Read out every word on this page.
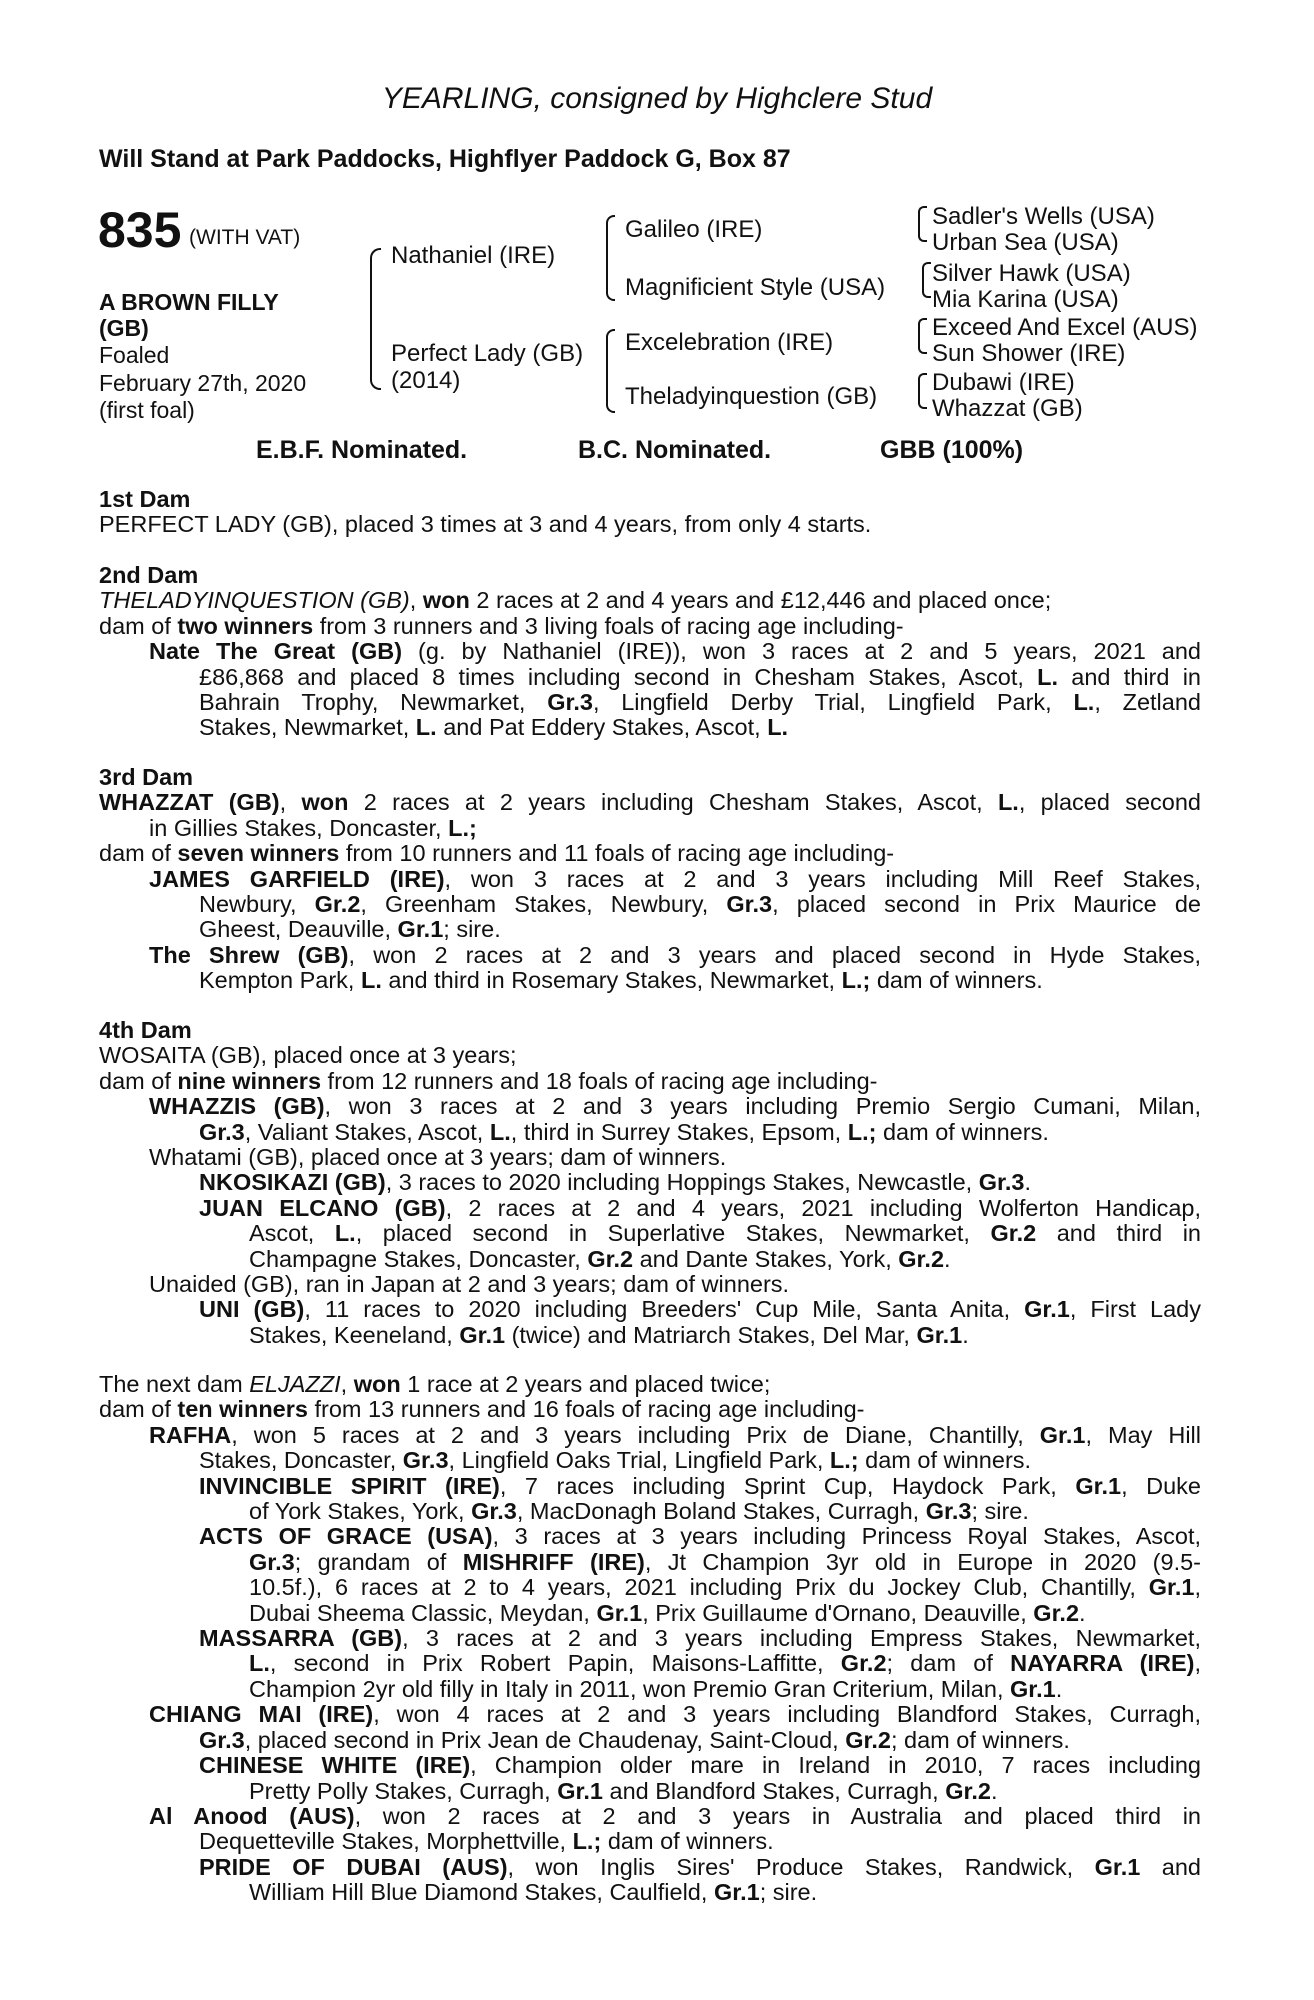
YEARLING, consigned by Highclere Stud
Will Stand at Park Paddocks, Highflyer Paddock G, Box 87
835 (WITH VAT)
A BROWN FILLY
(GB)
Foaled
February 27th, 2020
(first foal)
Nathaniel (IRE)
Perfect Lady (GB)
(2014)
Galileo (IRE)
Magnificient Style (USA)
Excelebration (IRE)
Theladyinquestion (GB)
Sadler's Wells (USA)
Urban Sea (USA)
Silver Hawk (USA)
Mia Karina (USA)
Exceed And Excel (AUS)
Sun Shower (IRE)
Dubawi (IRE)
Whazzat (GB)
E.B.F. Nominated.	B.C. Nominated.	GBB (100%)
1st Dam
PERFECT LADY (GB), placed 3 times at 3 and 4 years, from only 4 starts.
2nd Dam
THELADYINQUESTION (GB), won 2 races at 2 and 4 years and £12,446 and placed once;
dam of two winners from 3 runners and 3 living foals of racing age including-
Nate The Great (GB) (g. by Nathaniel (IRE)), won 3 races at 2 and 5 years, 2021 and
£86,868 and placed 8 times including second in Chesham Stakes, Ascot, L. and third in
Bahrain Trophy, Newmarket, Gr.3, Lingfield Derby Trial, Lingfield Park, L., Zetland
Stakes, Newmarket, L. and Pat Eddery Stakes, Ascot, L.
3rd Dam
WHAZZAT (GB), won 2 races at 2 years including Chesham Stakes, Ascot, L., placed second
in Gillies Stakes, Doncaster, L.;
dam of seven winners from 10 runners and 11 foals of racing age including-
JAMES GARFIELD (IRE), won 3 races at 2 and 3 years including Mill Reef Stakes,
Newbury, Gr.2, Greenham Stakes, Newbury, Gr.3, placed second in Prix Maurice de
Gheest, Deauville, Gr.1; sire.
The Shrew (GB), won 2 races at 2 and 3 years and placed second in Hyde Stakes,
Kempton Park, L. and third in Rosemary Stakes, Newmarket, L.; dam of winners.
4th Dam
WOSAITA (GB), placed once at 3 years;
dam of nine winners from 12 runners and 18 foals of racing age including-
WHAZZIS (GB), won 3 races at 2 and 3 years including Premio Sergio Cumani, Milan,
Gr.3, Valiant Stakes, Ascot, L., third in Surrey Stakes, Epsom, L.; dam of winners.
Whatami (GB), placed once at 3 years; dam of winners.
NKOSIKAZI (GB), 3 races to 2020 including Hoppings Stakes, Newcastle, Gr.3.
JUAN ELCANO (GB), 2 races at 2 and 4 years, 2021 including Wolferton Handicap,
Ascot, L., placed second in Superlative Stakes, Newmarket, Gr.2 and third in
Champagne Stakes, Doncaster, Gr.2 and Dante Stakes, York, Gr.2.
Unaided (GB), ran in Japan at 2 and 3 years; dam of winners.
UNI (GB), 11 races to 2020 including Breeders' Cup Mile, Santa Anita, Gr.1, First Lady
Stakes, Keeneland, Gr.1 (twice) and Matriarch Stakes, Del Mar, Gr.1.
The next dam ELJAZZI, won 1 race at 2 years and placed twice;
dam of ten winners from 13 runners and 16 foals of racing age including-
RAFHA, won 5 races at 2 and 3 years including Prix de Diane, Chantilly, Gr.1, May Hill
Stakes, Doncaster, Gr.3, Lingfield Oaks Trial, Lingfield Park, L.; dam of winners.
INVINCIBLE SPIRIT (IRE), 7 races including Sprint Cup, Haydock Park, Gr.1, Duke
of York Stakes, York, Gr.3, MacDonagh Boland Stakes, Curragh, Gr.3; sire.
ACTS OF GRACE (USA), 3 races at 3 years including Princess Royal Stakes, Ascot,
Gr.3; grandam of MISHRIFF (IRE), Jt Champion 3yr old in Europe in 2020 (9.5-
10.5f.), 6 races at 2 to 4 years, 2021 including Prix du Jockey Club, Chantilly, Gr.1,
Dubai Sheema Classic, Meydan, Gr.1, Prix Guillaume d'Ornano, Deauville, Gr.2.
MASSARRA (GB), 3 races at 2 and 3 years including Empress Stakes, Newmarket,
L., second in Prix Robert Papin, Maisons-Laffitte, Gr.2; dam of NAYARRA (IRE),
Champion 2yr old filly in Italy in 2011, won Premio Gran Criterium, Milan, Gr.1.
CHIANG MAI (IRE), won 4 races at 2 and 3 years including Blandford Stakes, Curragh,
Gr.3, placed second in Prix Jean de Chaudenay, Saint-Cloud, Gr.2; dam of winners.
CHINESE WHITE (IRE), Champion older mare in Ireland in 2010, 7 races including
Pretty Polly Stakes, Curragh, Gr.1 and Blandford Stakes, Curragh, Gr.2.
Al Anood (AUS), won 2 races at 2 and 3 years in Australia and placed third in
Dequetteville Stakes, Morphettville, L.; dam of winners.
PRIDE OF DUBAI (AUS), won Inglis Sires' Produce Stakes, Randwick, Gr.1 and
William Hill Blue Diamond Stakes, Caulfield, Gr.1; sire.
